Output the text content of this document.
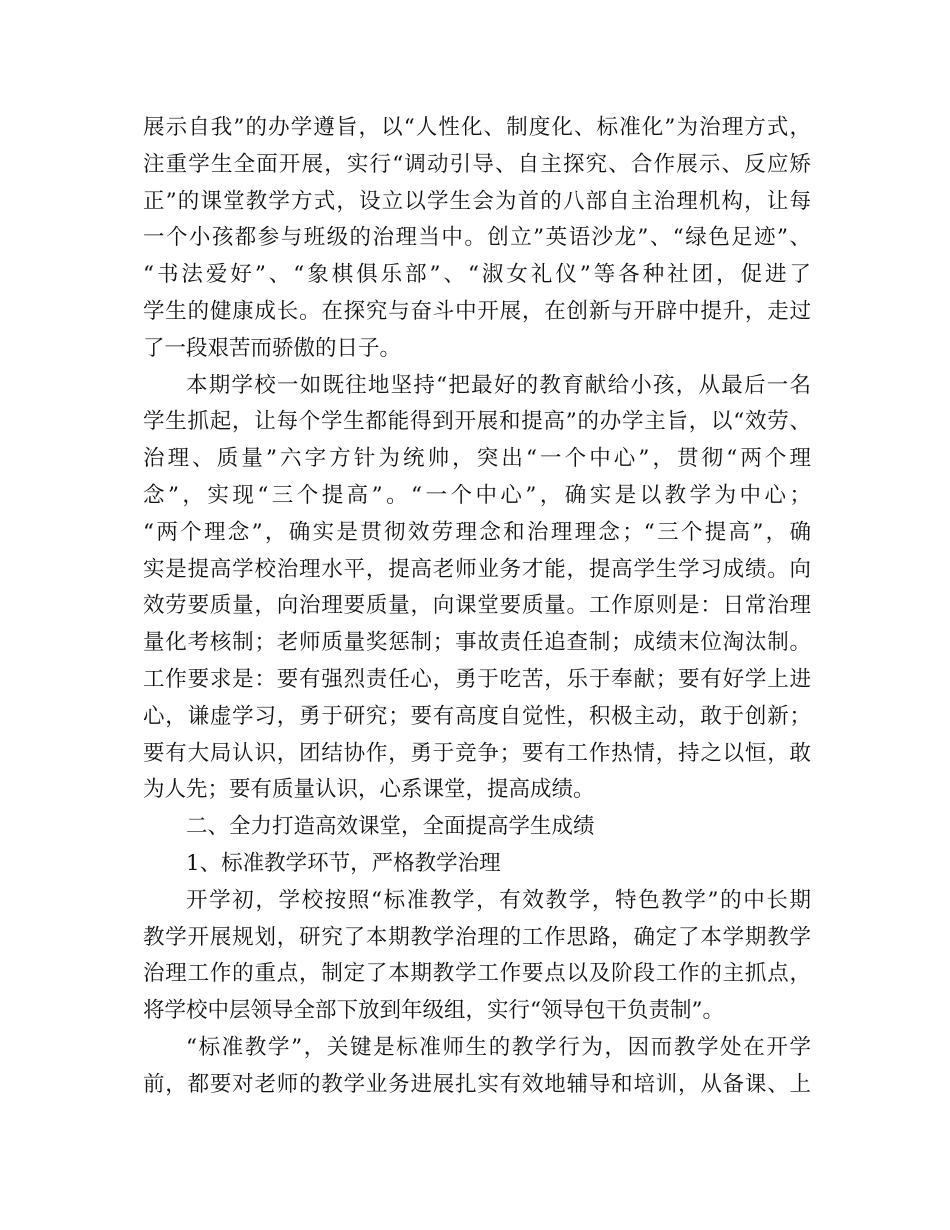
展示自我”的办学遵旨，以“人性化、制度化、标准化”为治理方式，
注重学生全面开展，实行“调动引导、自主探究、合作展示、反应矫
正”的课堂教学方式，设立以学生会为首的八部自主治理机构，让每
一个小孩都参与班级的治理当中。创立”英语沙龙”、“绿色足迹”、
“书法爱好”、“象棋俱乐部”、“淑女礼仪”等各种社团，促进了
学生的健康成长。在探究与奋斗中开展，在创新与开辟中提升，走过
了一段艰苦而骄傲的日子。
本期学校一如既往地坚持“把最好的教育献给小孩，从最后一名
学生抓起，让每个学生都能得到开展和提高”的办学主旨，以“效劳、
治理、质量”六字方针为统帅，突出“一个中心”，贯彻“两个理
念”，实现“三个提高”。“一个中心”，确实是以教学为中心；
“两个理念”，确实是贯彻效劳理念和治理理念；“三个提高”，确
实是提高学校治理水平，提高老师业务才能，提高学生学习成绩。向
效劳要质量，向治理要质量，向课堂要质量。工作原则是：日常治理
量化考核制；老师质量奖惩制；事故责任追查制；成绩末位淘汰制。
工作要求是：要有强烈责任心，勇于吃苦，乐于奉献；要有好学上进
心，谦虚学习，勇于研究；要有高度自觉性，积极主动，敢于创新；
要有大局认识，团结协作，勇于竞争；要有工作热情，持之以恒，敢
为人先；要有质量认识，心系课堂，提高成绩。
二、全力打造高效课堂，全面提高学生成绩
1、标准教学环节，严格教学治理
开学初，学校按照“标准教学，有效教学，特色教学”的中长期
教学开展规划，研究了本期教学治理的工作思路，确定了本学期教学
治理工作的重点，制定了本期教学工作要点以及阶段工作的主抓点，
将学校中层领导全部下放到年级组，实行“领导包干负责制”。
“标准教学”，关键是标准师生的教学行为，因而教学处在开学
前，都要对老师的教学业务进展扎实有效地辅导和培训，从备课、上
